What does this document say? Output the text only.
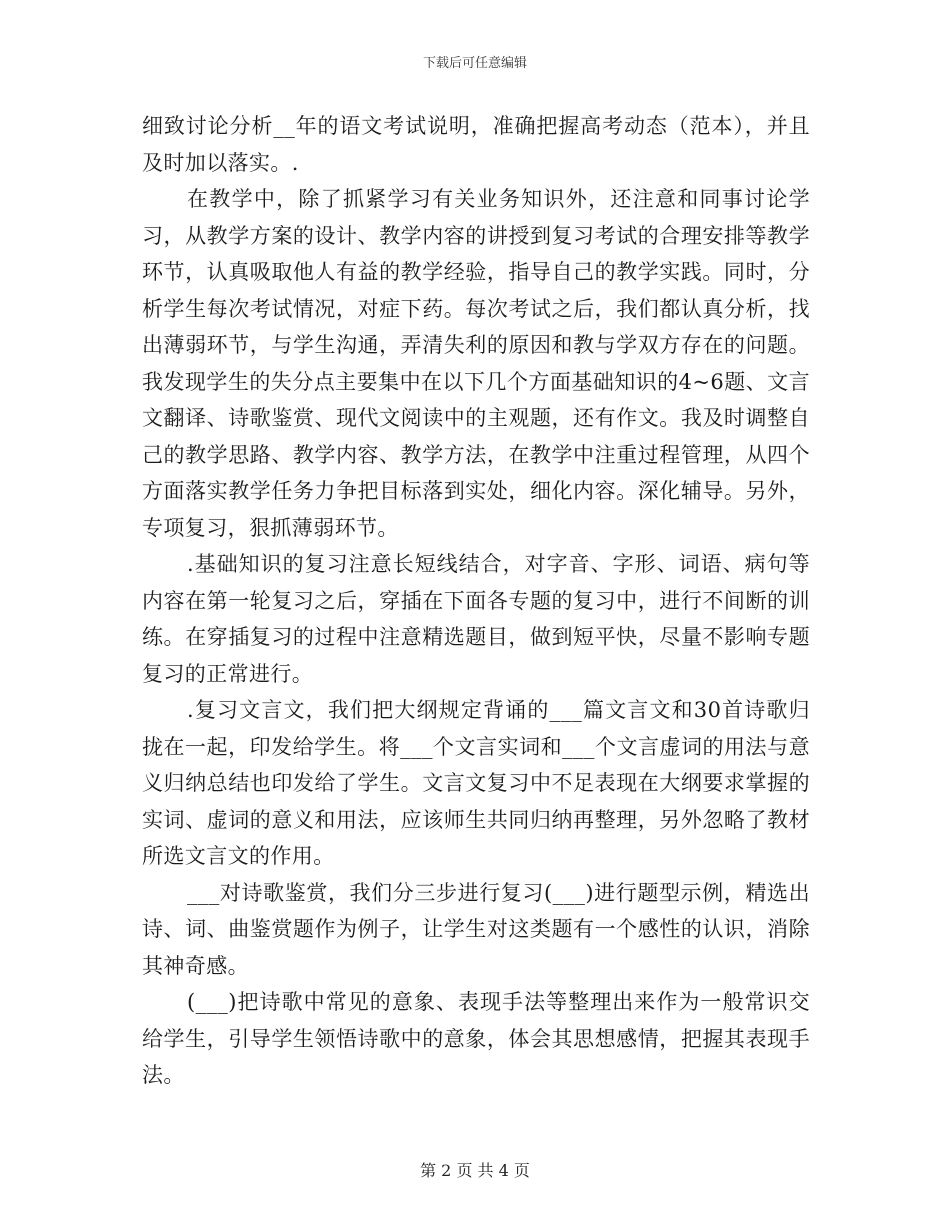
下载后可任意编辑

细致讨论分析__年的语文考试说明，准确把握高考动态（范本），并且及时加以落实。.

在教学中，除了抓紧学习有关业务知识外，还注意和同事讨论学习，从教学方案的设计、教学内容的讲授到复习考试的合理安排等教学环节，认真吸取他人有益的教学经验，指导自己的教学实践。同时，分析学生每次考试情况，对症下药。每次考试之后，我们都认真分析，找出薄弱环节，与学生沟通，弄清失利的原因和教与学双方存在的问题。我发现学生的失分点主要集中在以下几个方面基础知识的4~6题、文言文翻译、诗歌鉴赏、现代文阅读中的主观题，还有作文。我及时调整自己的教学思路、教学内容、教学方法，在教学中注重过程管理，从四个方面落实教学任务力争把目标落到实处，细化内容。深化辅导。另外，专项复习，狠抓薄弱环节。

.基础知识的复习注意长短线结合，对字音、字形、词语、病句等内容在第一轮复习之后，穿插在下面各专题的复习中，进行不间断的训练。在穿插复习的过程中注意精选题目，做到短平快，尽量不影响专题复习的正常进行。

.复习文言文，我们把大纲规定背诵的___篇文言文和30首诗歌归拢在一起，印发给学生。将___个文言实词和___个文言虚词的用法与意义归纳总结也印发给了学生。文言文复习中不足表现在大纲要求掌握的实词、虚词的意义和用法，应该师生共同归纳再整理，另外忽略了教材所选文言文的作用。

___对诗歌鉴赏，我们分三步进行复习(___)进行题型示例，精选出诗、词、曲鉴赏题作为例子，让学生对这类题有一个感性的认识，消除其神奇感。

(___)把诗歌中常见的意象、表现手法等整理出来作为一般常识交给学生，引导学生领悟诗歌中的意象，体会其思想感情，把握其表现手法。

第 2 页 共 4 页
